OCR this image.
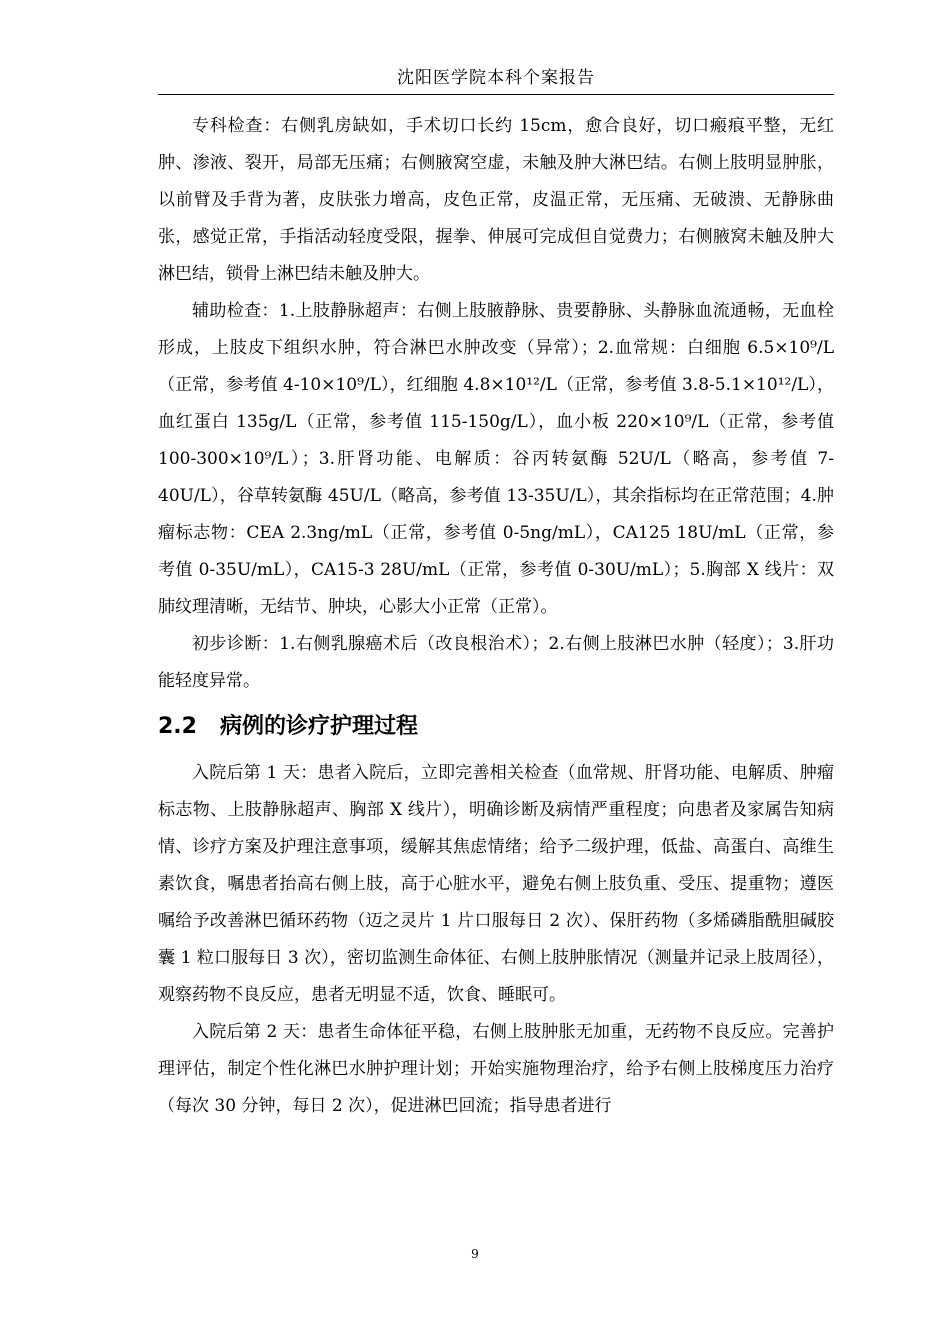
沈阳医学院本科个案报告

专科检查：右侧乳房缺如，手术切口长约 15cm，愈合良好，切口瘢痕平整，无红肿、渗液、裂开，局部无压痛；右侧腋窝空虚，未触及肿大淋巴结。右侧上肢明显肿胀，以前臂及手背为著，皮肤张力增高，皮色正常，皮温正常，无压痛、无破溃、无静脉曲张，感觉正常，手指活动轻度受限，握拳、伸展可完成但自觉费力；右侧腋窝未触及肿大淋巴结，锁骨上淋巴结未触及肿大。

辅助检查：1.上肢静脉超声：右侧上肢腋静脉、贵要静脉、头静脉血流通畅，无血栓形成，上肢皮下组织水肿，符合淋巴水肿改变（异常）；2.血常规：白细胞 6.5×10⁹/L（正常，参考值 4-10×10⁹/L），红细胞 4.8×10¹²/L（正常，参考值 3.8-5.1×10¹²/L），血红蛋白 135g/L（正常，参考值 115-150g/L），血小板 220×10⁹/L（正常，参考值 100-300×10⁹/L）；3.肝肾功能、电解质：谷丙转氨酶 52U/L（略高，参考值 7-40U/L），谷草转氨酶 45U/L（略高，参考值 13-35U/L），其余指标均在正常范围；4.肿瘤标志物：CEA 2.3ng/mL（正常，参考值 0-5ng/mL），CA125 18U/mL（正常，参考值 0-35U/mL），CA15-3 28U/mL（正常，参考值 0-30U/mL）；5.胸部 X 线片：双肺纹理清晰，无结节、肿块，心影大小正常（正常）。

初步诊断：1.右侧乳腺癌术后（改良根治术）；2.右侧上肢淋巴水肿（轻度）；3.肝功能轻度异常。

2.2 病例的诊疗护理过程

入院后第 1 天：患者入院后，立即完善相关检查（血常规、肝肾功能、电解质、肿瘤标志物、上肢静脉超声、胸部 X 线片），明确诊断及病情严重程度；向患者及家属告知病情、诊疗方案及护理注意事项，缓解其焦虑情绪；给予二级护理，低盐、高蛋白、高维生素饮食，嘱患者抬高右侧上肢，高于心脏水平，避免右侧上肢负重、受压、提重物；遵医嘱给予改善淋巴循环药物（迈之灵片 1 片口服每日 2 次）、保肝药物（多烯磷脂酰胆碱胶囊 1 粒口服每日 3 次），密切监测生命体征、右侧上肢肿胀情况（测量并记录上肢周径），观察药物不良反应，患者无明显不适，饮食、睡眠可。

入院后第 2 天：患者生命体征平稳，右侧上肢肿胀无加重，无药物不良反应。完善护理评估，制定个性化淋巴水肿护理计划；开始实施物理治疗，给予右侧上肢梯度压力治疗（每次 30 分钟，每日 2 次），促进淋巴回流；指导患者进行

9
